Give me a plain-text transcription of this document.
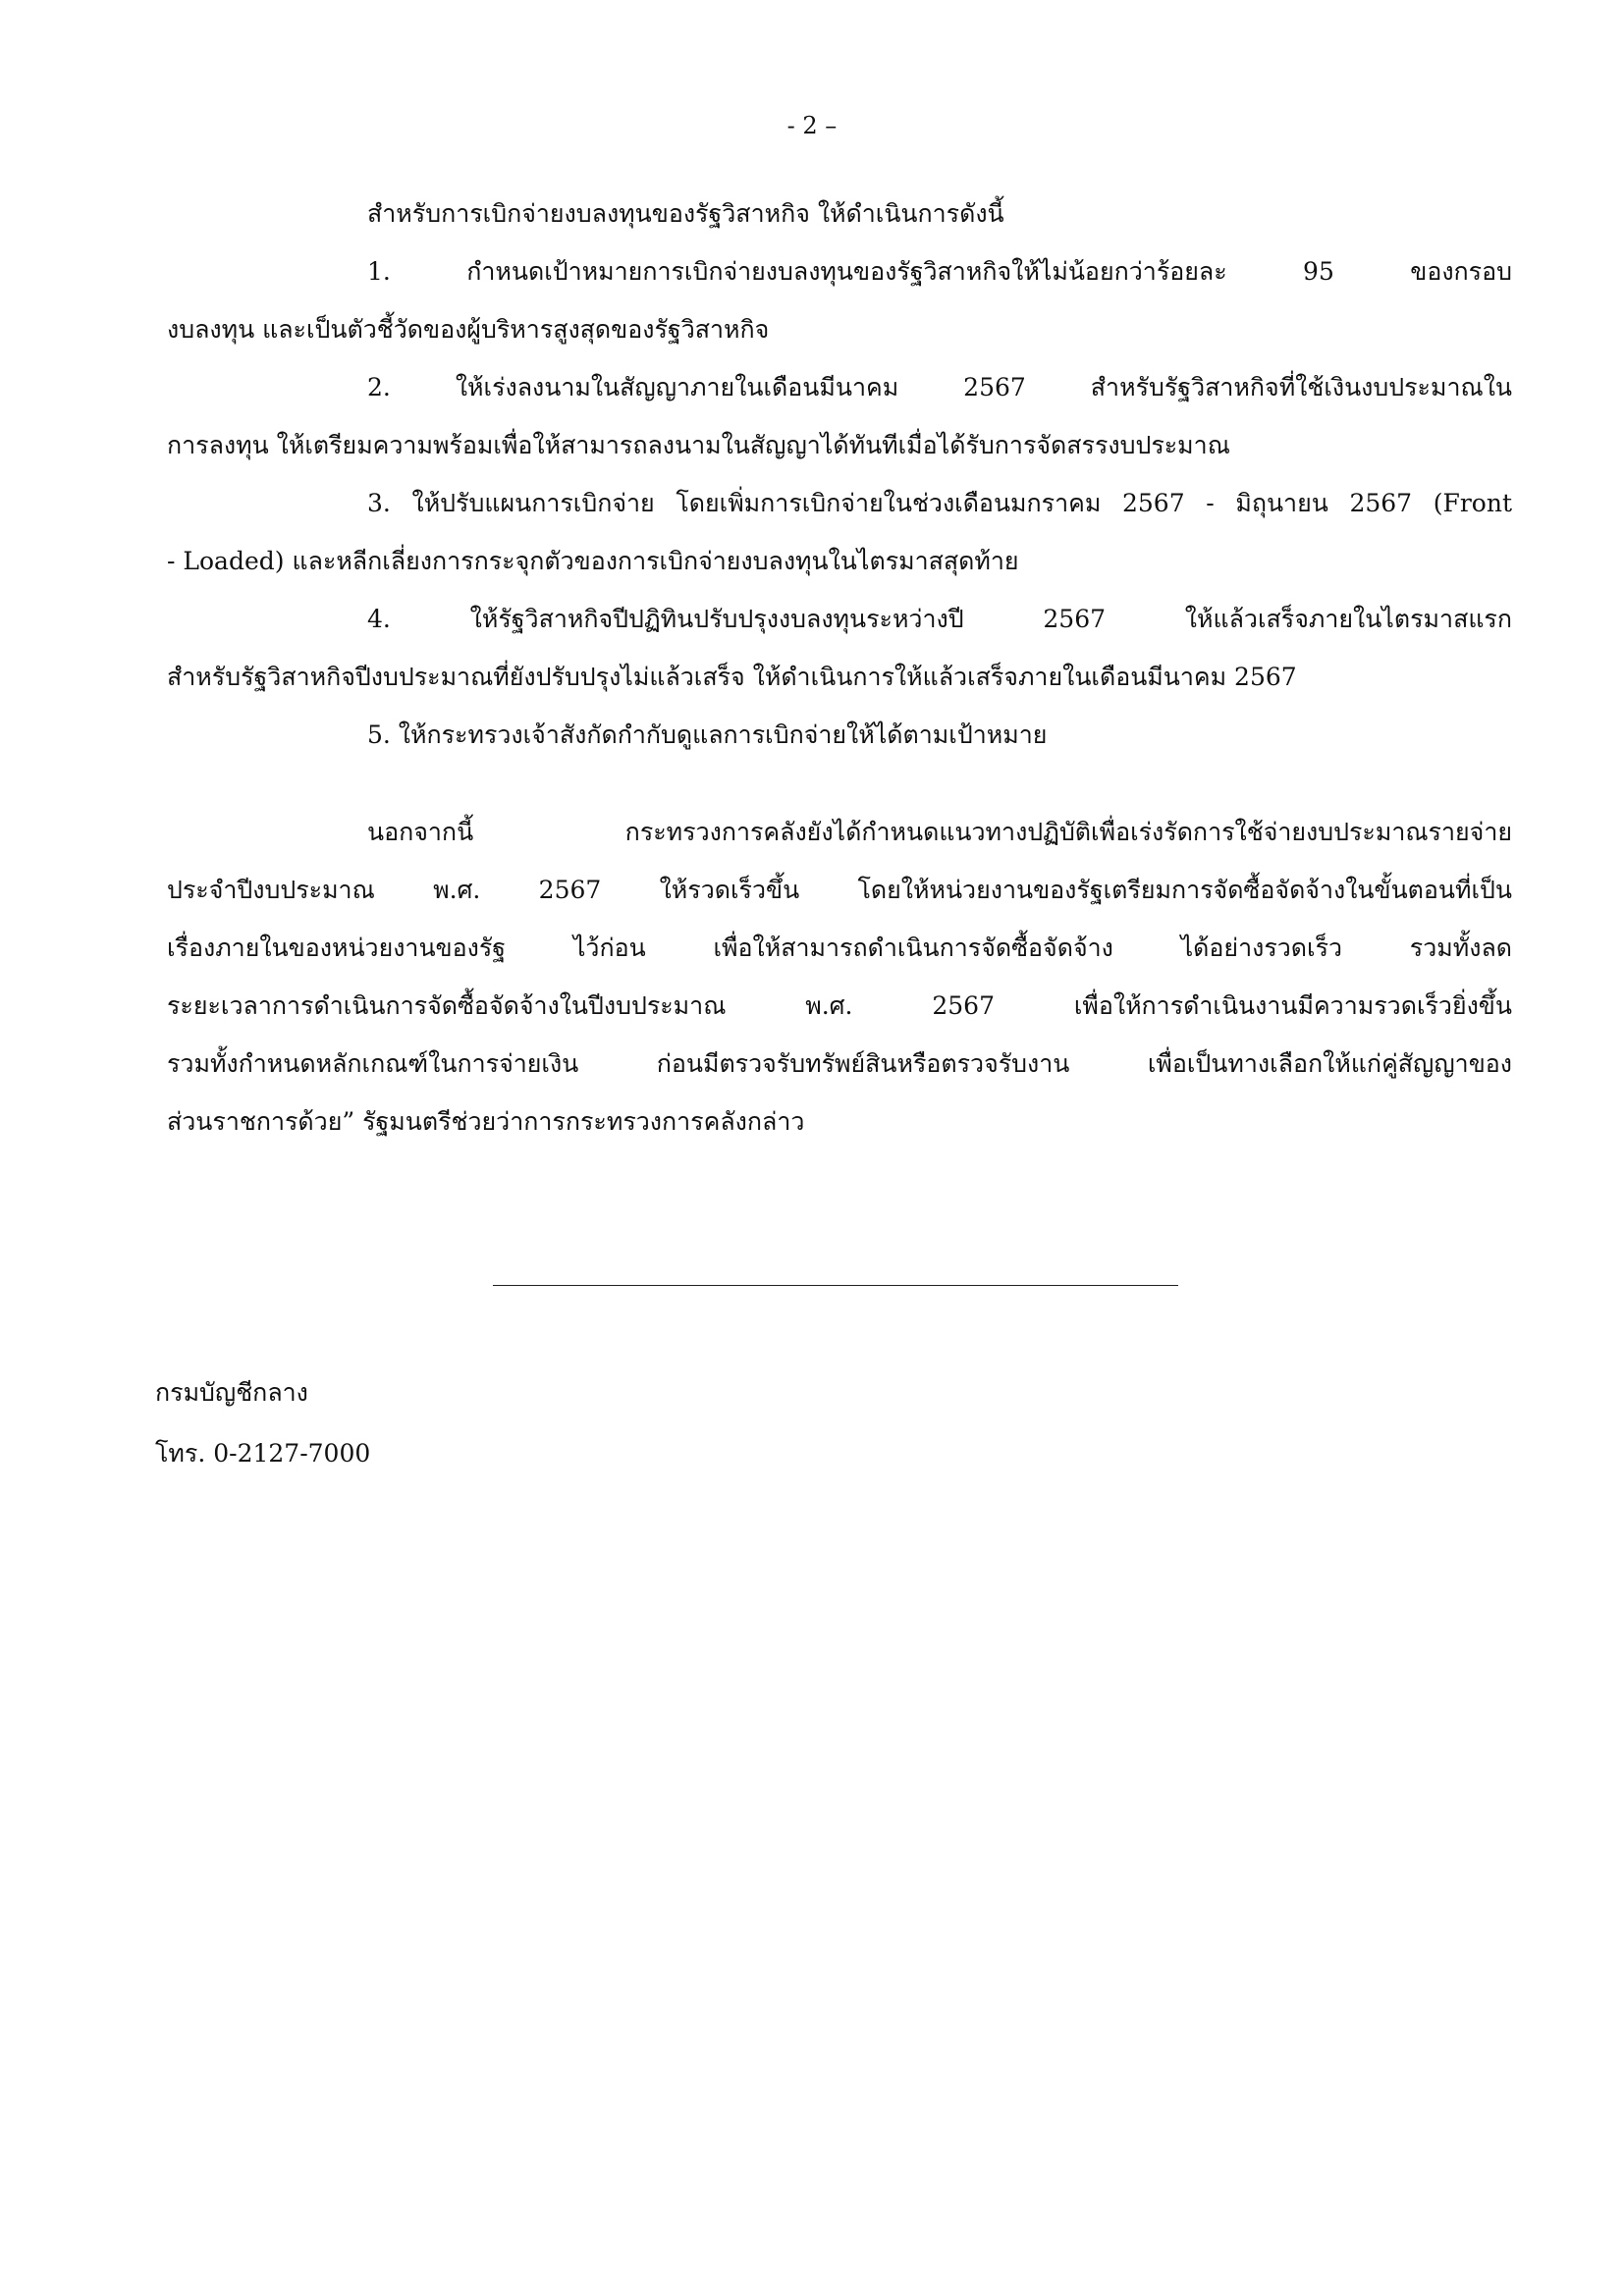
- 2 –
สำหรับการเบิกจ่ายงบลงทุนของรัฐวิสาหกิจ ให้ดำเนินการดังนี้
1. กำหนดเป้าหมายการเบิกจ่ายงบลงทุนของรัฐวิสาหกิจให้ไม่น้อยกว่าร้อยละ 95 ของกรอบ
งบลงทุน และเป็นตัวชี้วัดของผู้บริหารสูงสุดของรัฐวิสาหกิจ
2. ให้เร่งลงนามในสัญญาภายในเดือนมีนาคม 2567 สำหรับรัฐวิสาหกิจที่ใช้เงินงบประมาณใน
การลงทุน ให้เตรียมความพร้อมเพื่อให้สามารถลงนามในสัญญาได้ทันทีเมื่อได้รับการจัดสรรงบประมาณ
3. ให้ปรับแผนการเบิกจ่าย โดยเพิ่มการเบิกจ่ายในช่วงเดือนมกราคม 2567 - มิถุนายน 2567 (Front
- Loaded) และหลีกเลี่ยงการกระจุกตัวของการเบิกจ่ายงบลงทุนในไตรมาสสุดท้าย
4. ให้รัฐวิสาหกิจปีปฏิทินปรับปรุงงบลงทุนระหว่างปี 2567 ให้แล้วเสร็จภายในไตรมาสแรก
สำหรับรัฐวิสาหกิจปีงบประมาณที่ยังปรับปรุงไม่แล้วเสร็จ ให้ดำเนินการให้แล้วเสร็จภายในเดือนมีนาคม 2567
5. ให้กระทรวงเจ้าสังกัดกำกับดูแลการเบิกจ่ายให้ได้ตามเป้าหมาย
นอกจากนี้ กระทรวงการคลังยังได้กำหนดแนวทางปฏิบัติเพื่อเร่งรัดการใช้จ่ายงบประมาณรายจ่าย
ประจำปีงบประมาณ พ.ศ. 2567 ให้รวดเร็วขึ้น โดยให้หน่วยงานของรัฐเตรียมการจัดซื้อจัดจ้างในขั้นตอนที่เป็น
เรื่องภายในของหน่วยงานของรัฐ ไว้ก่อน เพื่อให้สามารถดำเนินการจัดซื้อจัดจ้าง ได้อย่างรวดเร็ว รวมทั้งลด
ระยะเวลาการดำเนินการจัดซื้อจัดจ้างในปีงบประมาณ พ.ศ. 2567 เพื่อให้การดำเนินงานมีความรวดเร็วยิ่งขึ้น
รวมทั้งกำหนดหลักเกณฑ์ในการจ่ายเงิน ก่อนมีตรวจรับทรัพย์สินหรือตรวจรับงาน เพื่อเป็นทางเลือกให้แก่คู่สัญญาของ
ส่วนราชการด้วย” รัฐมนตรีช่วยว่าการกระทรวงการคลังกล่าว
กรมบัญชีกลาง
โทร. 0-2127-7000
